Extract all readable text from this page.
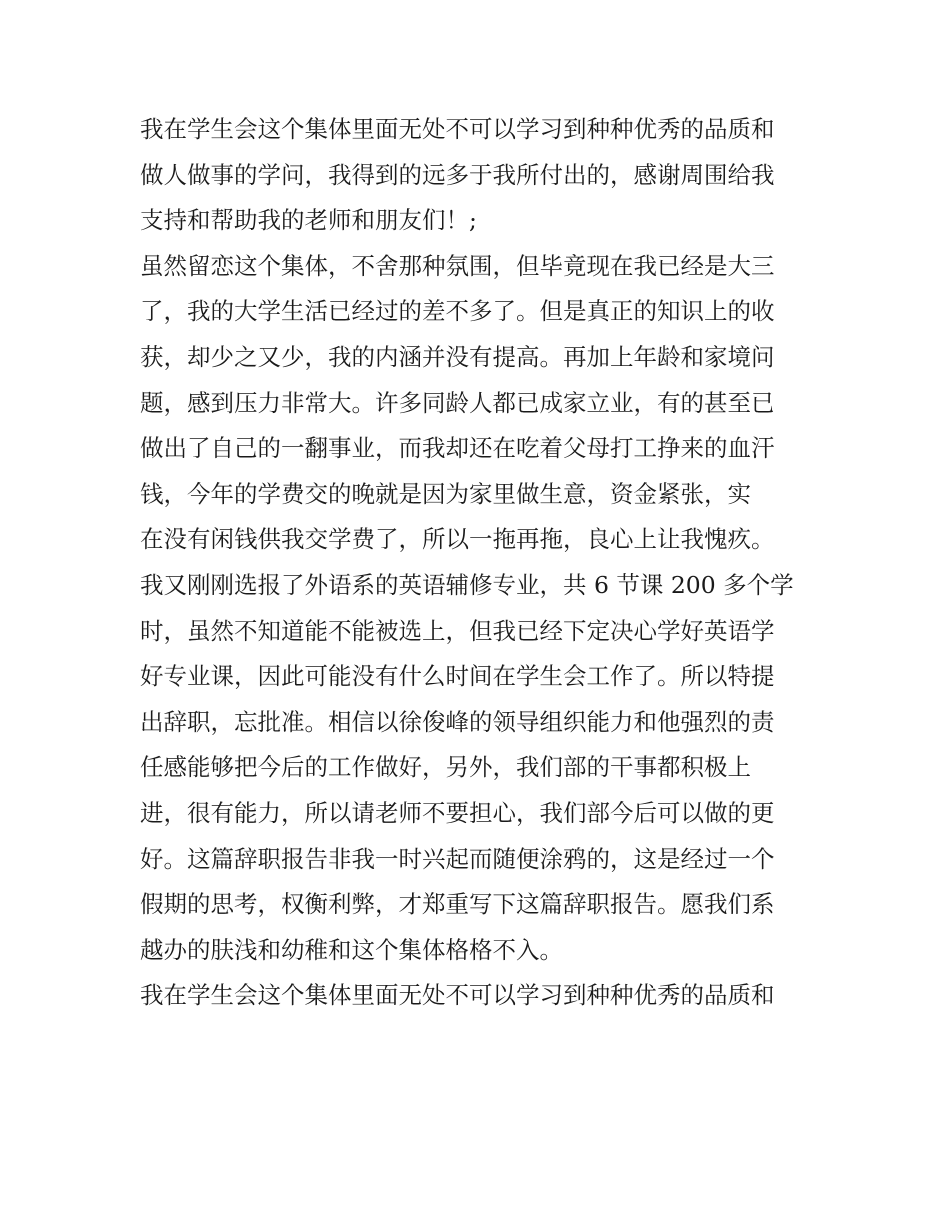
我在学生会这个集体里面无处不可以学习到种种优秀的品质和
做人做事的学问，我得到的远多于我所付出的，感谢周围给我
支持和帮助我的老师和朋友们！;
虽然留恋这个集体，不舍那种氛围，但毕竟现在我已经是大三
了，我的大学生活已经过的差不多了。但是真正的知识上的收
获，却少之又少，我的内涵并没有提高。再加上年龄和家境问
题，感到压力非常大。许多同龄人都已成家立业，有的甚至已
做出了自己的一翻事业，而我却还在吃着父母打工挣来的血汗
钱，今年的学费交的晚就是因为家里做生意，资金紧张，实
在没有闲钱供我交学费了，所以一拖再拖，良心上让我愧疚。
我又刚刚选报了外语系的英语辅修专业，共 6 节课 200 多个学
时，虽然不知道能不能被选上，但我已经下定决心学好英语学
好专业课，因此可能没有什么时间在学生会工作了。所以特提
出辞职，忘批准。相信以徐俊峰的领导组织能力和他强烈的责
任感能够把今后的工作做好，另外，我们部的干事都积极上
进，很有能力，所以请老师不要担心，我们部今后可以做的更
好。这篇辞职报告非我一时兴起而随便涂鸦的，这是经过一个
假期的思考，权衡利弊，才郑重写下这篇辞职报告。愿我们系
越办的肤浅和幼稚和这个集体格格不入。
我在学生会这个集体里面无处不可以学习到种种优秀的品质和
